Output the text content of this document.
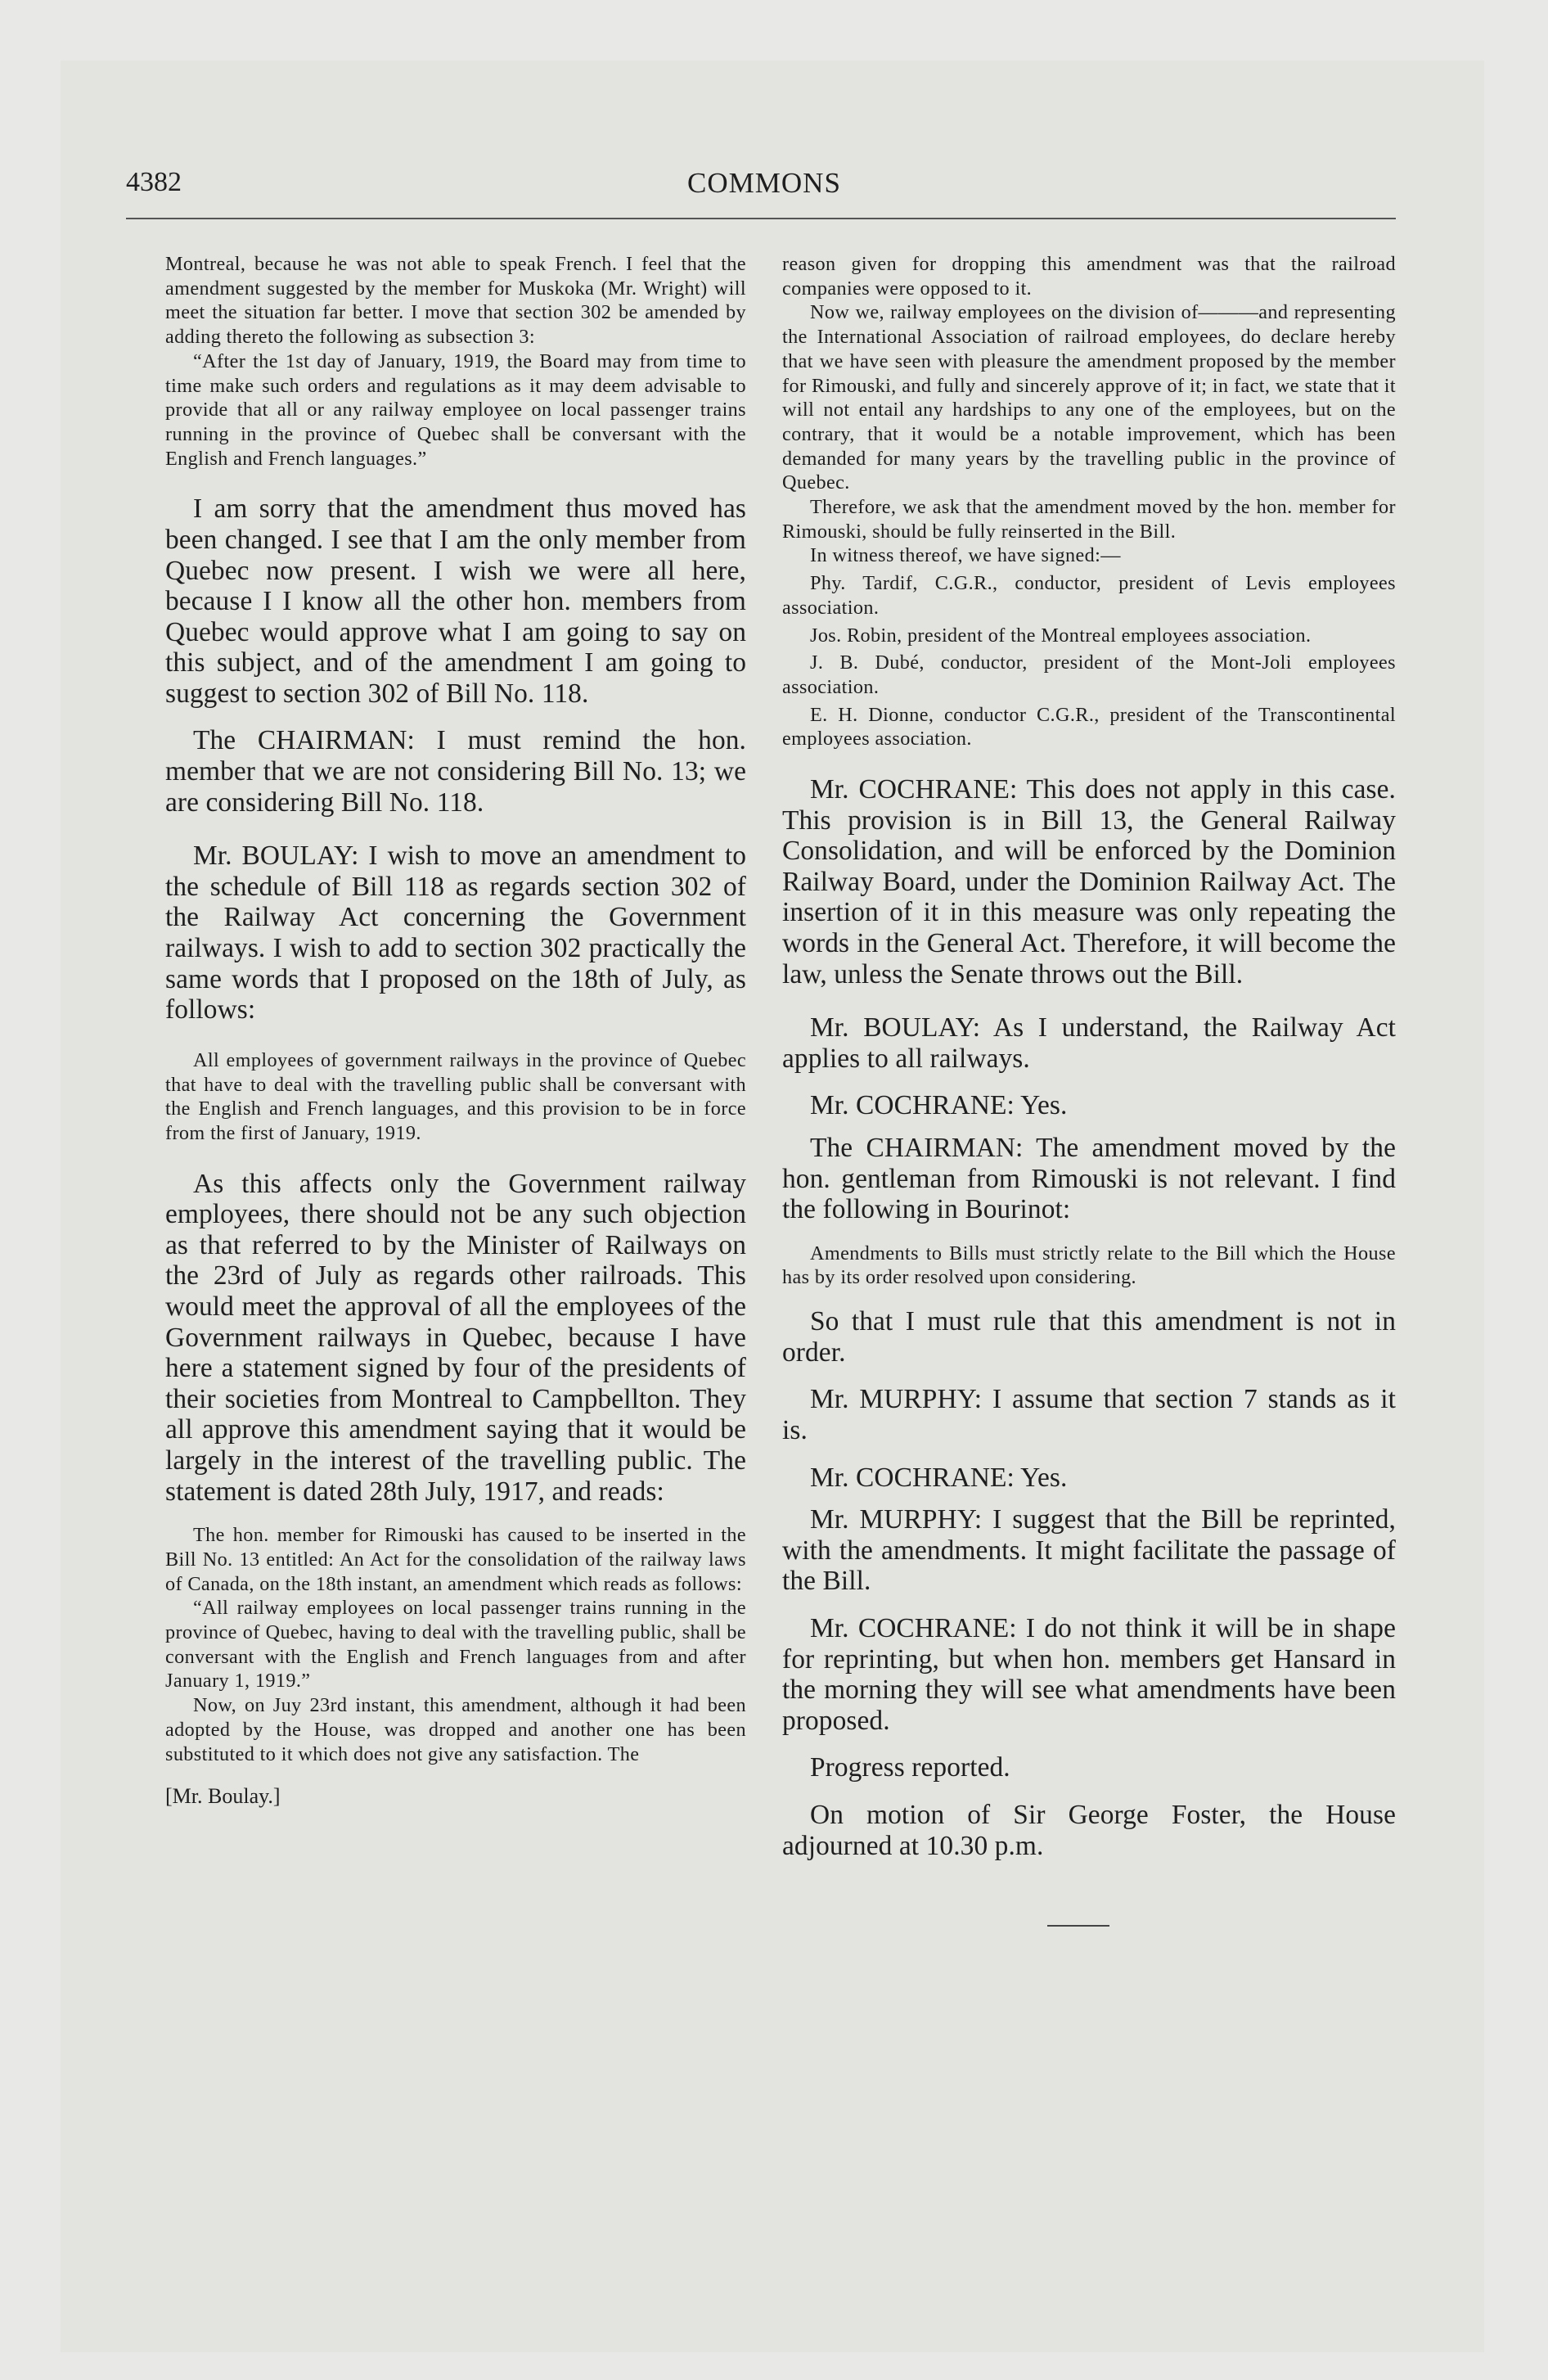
4382	COMMONS

Montreal, because he was not able to speak French. I feel that the amendment suggested by the member for Muskoka (Mr. Wright) will meet the situation far better. I move that section 302 be amended by adding thereto the following as subsection 3:

“After the 1st day of January, 1919, the Board may from time to time make such orders and regulations as it may deem advisable to provide that all or any railway employee on local passenger trains running in the province of Quebec shall be conversant with the English and French languages.”

I am sorry that the amendment thus moved has been changed. I see that I am the only member from Quebec now present. I wish we were all here, because I I know all the other hon. members from Quebec would approve what I am going to say on this subject, and of the amendment I am going to suggest to section 302 of Bill No. 118.

The CHAIRMAN: I must remind the hon. member that we are not considering Bill No. 13; we are considering Bill No. 118.

Mr. BOULAY: I wish to move an amendment to the schedule of Bill 118 as regards section 302 of the Railway Act concerning the Government railways. I wish to add to section 302 practically the same words that I proposed on the 18th of July, as follows:

All employees of government railways in the province of Quebec that have to deal with the travelling public shall be conversant with the English and French languages, and this provision to be in force from the first of January, 1919.

As this affects only the Government railway employees, there should not be any such objection as that referred to by the Minister of Railways on the 23rd of July as regards other railroads. This would meet the approval of all the employees of the Government railways in Quebec, because I have here a statement signed by four of the presidents of their societies from Montreal to Campbellton. They all approve this amendment saying that it would be largely in the interest of the travelling public. The statement is dated 28th July, 1917, and reads:

The hon. member for Rimouski has caused to be inserted in the Bill No. 13 entitled: An Act for the consolidation of the railway laws of Canada, on the 18th instant, an amendment which reads as follows:

“All railway employees on local passenger trains running in the province of Quebec, having to deal with the travelling public, shall be conversant with the English and French languages from and after January 1, 1919.”

Now, on Juy 23rd instant, this amendment, although it had been adopted by the House, was dropped and another one has been substituted to it which does not give any satisfaction. The

[Mr. Boulay.]

reason given for dropping this amendment was that the railroad companies were opposed to it.

Now we, railway employees on the division of———and representing the International Association of railroad employees, do declare hereby that we have seen with pleasure the amendment proposed by the member for Rimouski, and fully and sincerely approve of it; in fact, we state that it will not entail any hardships to any one of the employees, but on the contrary, that it would be a notable improvement, which has been demanded for many years by the travelling public in the province of Quebec.

Therefore, we ask that the amendment moved by the hon. member for Rimouski, should be fully reinserted in the Bill.

In witness thereof, we have signed:—

Phy. Tardif, C.G.R., conductor, president of Levis employees association.

Jos. Robin, president of the Montreal employees association.

J. B. Dubé, conductor, president of the Mont-Joli employees association.

E. H. Dionne, conductor C.G.R., president of the Transcontinental employees association.

Mr. COCHRANE: This does not apply in this case. This provision is in Bill 13, the General Railway Consolidation, and will be enforced by the Dominion Railway Board, under the Dominion Railway Act. The insertion of it in this measure was only repeating the words in the General Act. Therefore, it will become the law, unless the Senate throws out the Bill.

Mr. BOULAY: As I understand, the Railway Act applies to all railways.

Mr. COCHRANE: Yes.

The CHAIRMAN: The amendment moved by the hon. gentleman from Rimouski is not relevant. I find the following in Bourinot:

Amendments to Bills must strictly relate to the Bill which the House has by its order resolved upon considering.

So that I must rule that this amendment is not in order.

Mr. MURPHY: I assume that section 7 stands as it is.

Mr. COCHRANE: Yes.

Mr. MURPHY: I suggest that the Bill be reprinted, with the amendments. It might facilitate the passage of the Bill.

Mr. COCHRANE: I do not think it will be in shape for reprinting, but when hon. members get Hansard in the morning they will see what amendments have been proposed.

Progress reported.

On motion of Sir George Foster, the House adjourned at 10.30 p.m.
